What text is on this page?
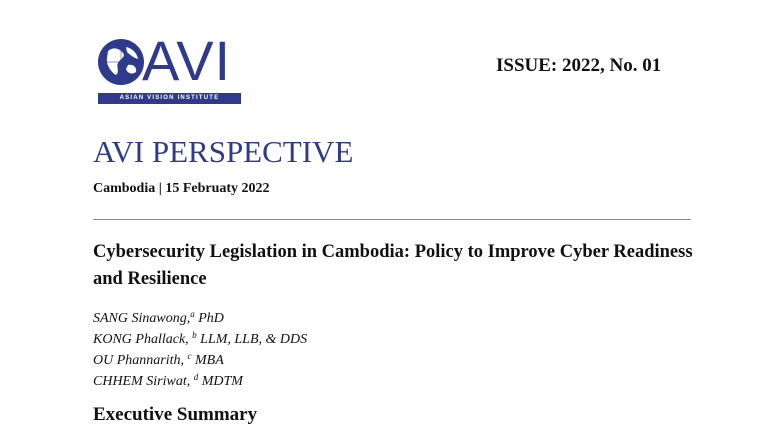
AVI
ASIAN VISION INSTITUTE
ISSUE: 2022, No. 01
AVI PERSPECTIVE
Cambodia | 15 Februaty 2022
Cybersecurity Legislation in Cambodia: Policy to Improve Cyber Readiness and Resilience
SANG Sinawong,$^a$ PhD
KONG Phallack, $^b$ LLM, LLB, & DDS
OU Phannarith, $^c$ MBA
CHHEM Siriwat, $^d$ MDTM
Executive Summary
